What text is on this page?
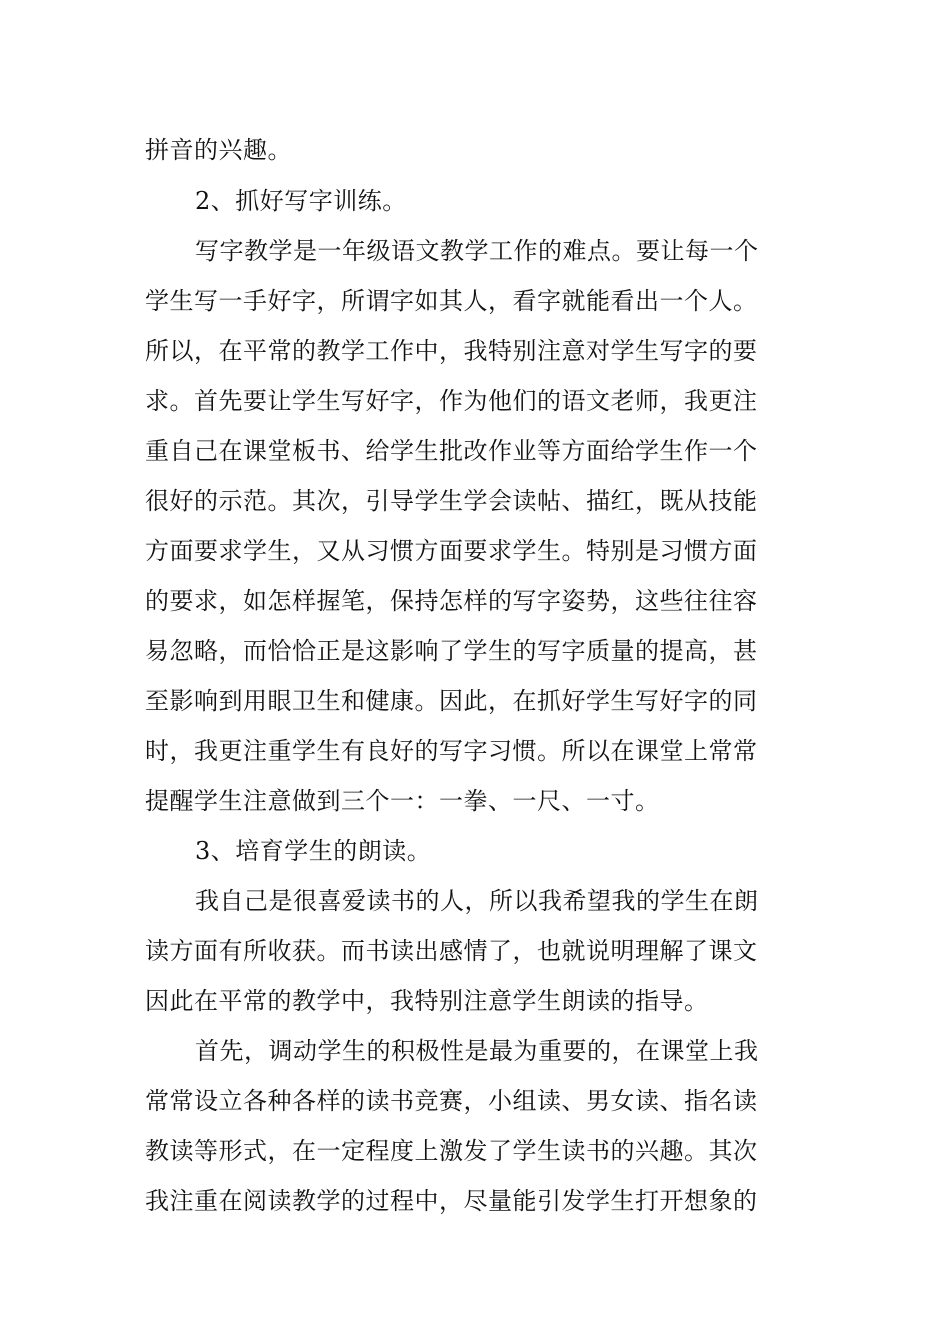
拼音的兴趣。
2、抓好写字训练。
写字教学是一年级语文教学工作的难点。要让每一个
学生写一手好字，所谓字如其人，看字就能看出一个人。
所以，在平常的教学工作中，我特别注意对学生写字的要
求。首先要让学生写好字，作为他们的语文老师，我更注
重自己在课堂板书、给学生批改作业等方面给学生作一个
很好的示范。其次，引导学生学会读帖、描红，既从技能
方面要求学生，又从习惯方面要求学生。特别是习惯方面
的要求，如怎样握笔，保持怎样的写字姿势，这些往往容
易忽略，而恰恰正是这影响了学生的写字质量的提高，甚
至影响到用眼卫生和健康。因此，在抓好学生写好字的同
时，我更注重学生有良好的写字习惯。所以在课堂上常常
提醒学生注意做到三个一：一拳、一尺、一寸。
3、培育学生的朗读。
我自己是很喜爱读书的人，所以我希望我的学生在朗
读方面有所收获。而书读出感情了，也就说明理解了课文
因此在平常的教学中，我特别注意学生朗读的指导。
首先，调动学生的积极性是最为重要的，在课堂上我
常常设立各种各样的读书竞赛，小组读、男女读、指名读
教读等形式，在一定程度上激发了学生读书的兴趣。其次
我注重在阅读教学的过程中，尽量能引发学生打开想象的
